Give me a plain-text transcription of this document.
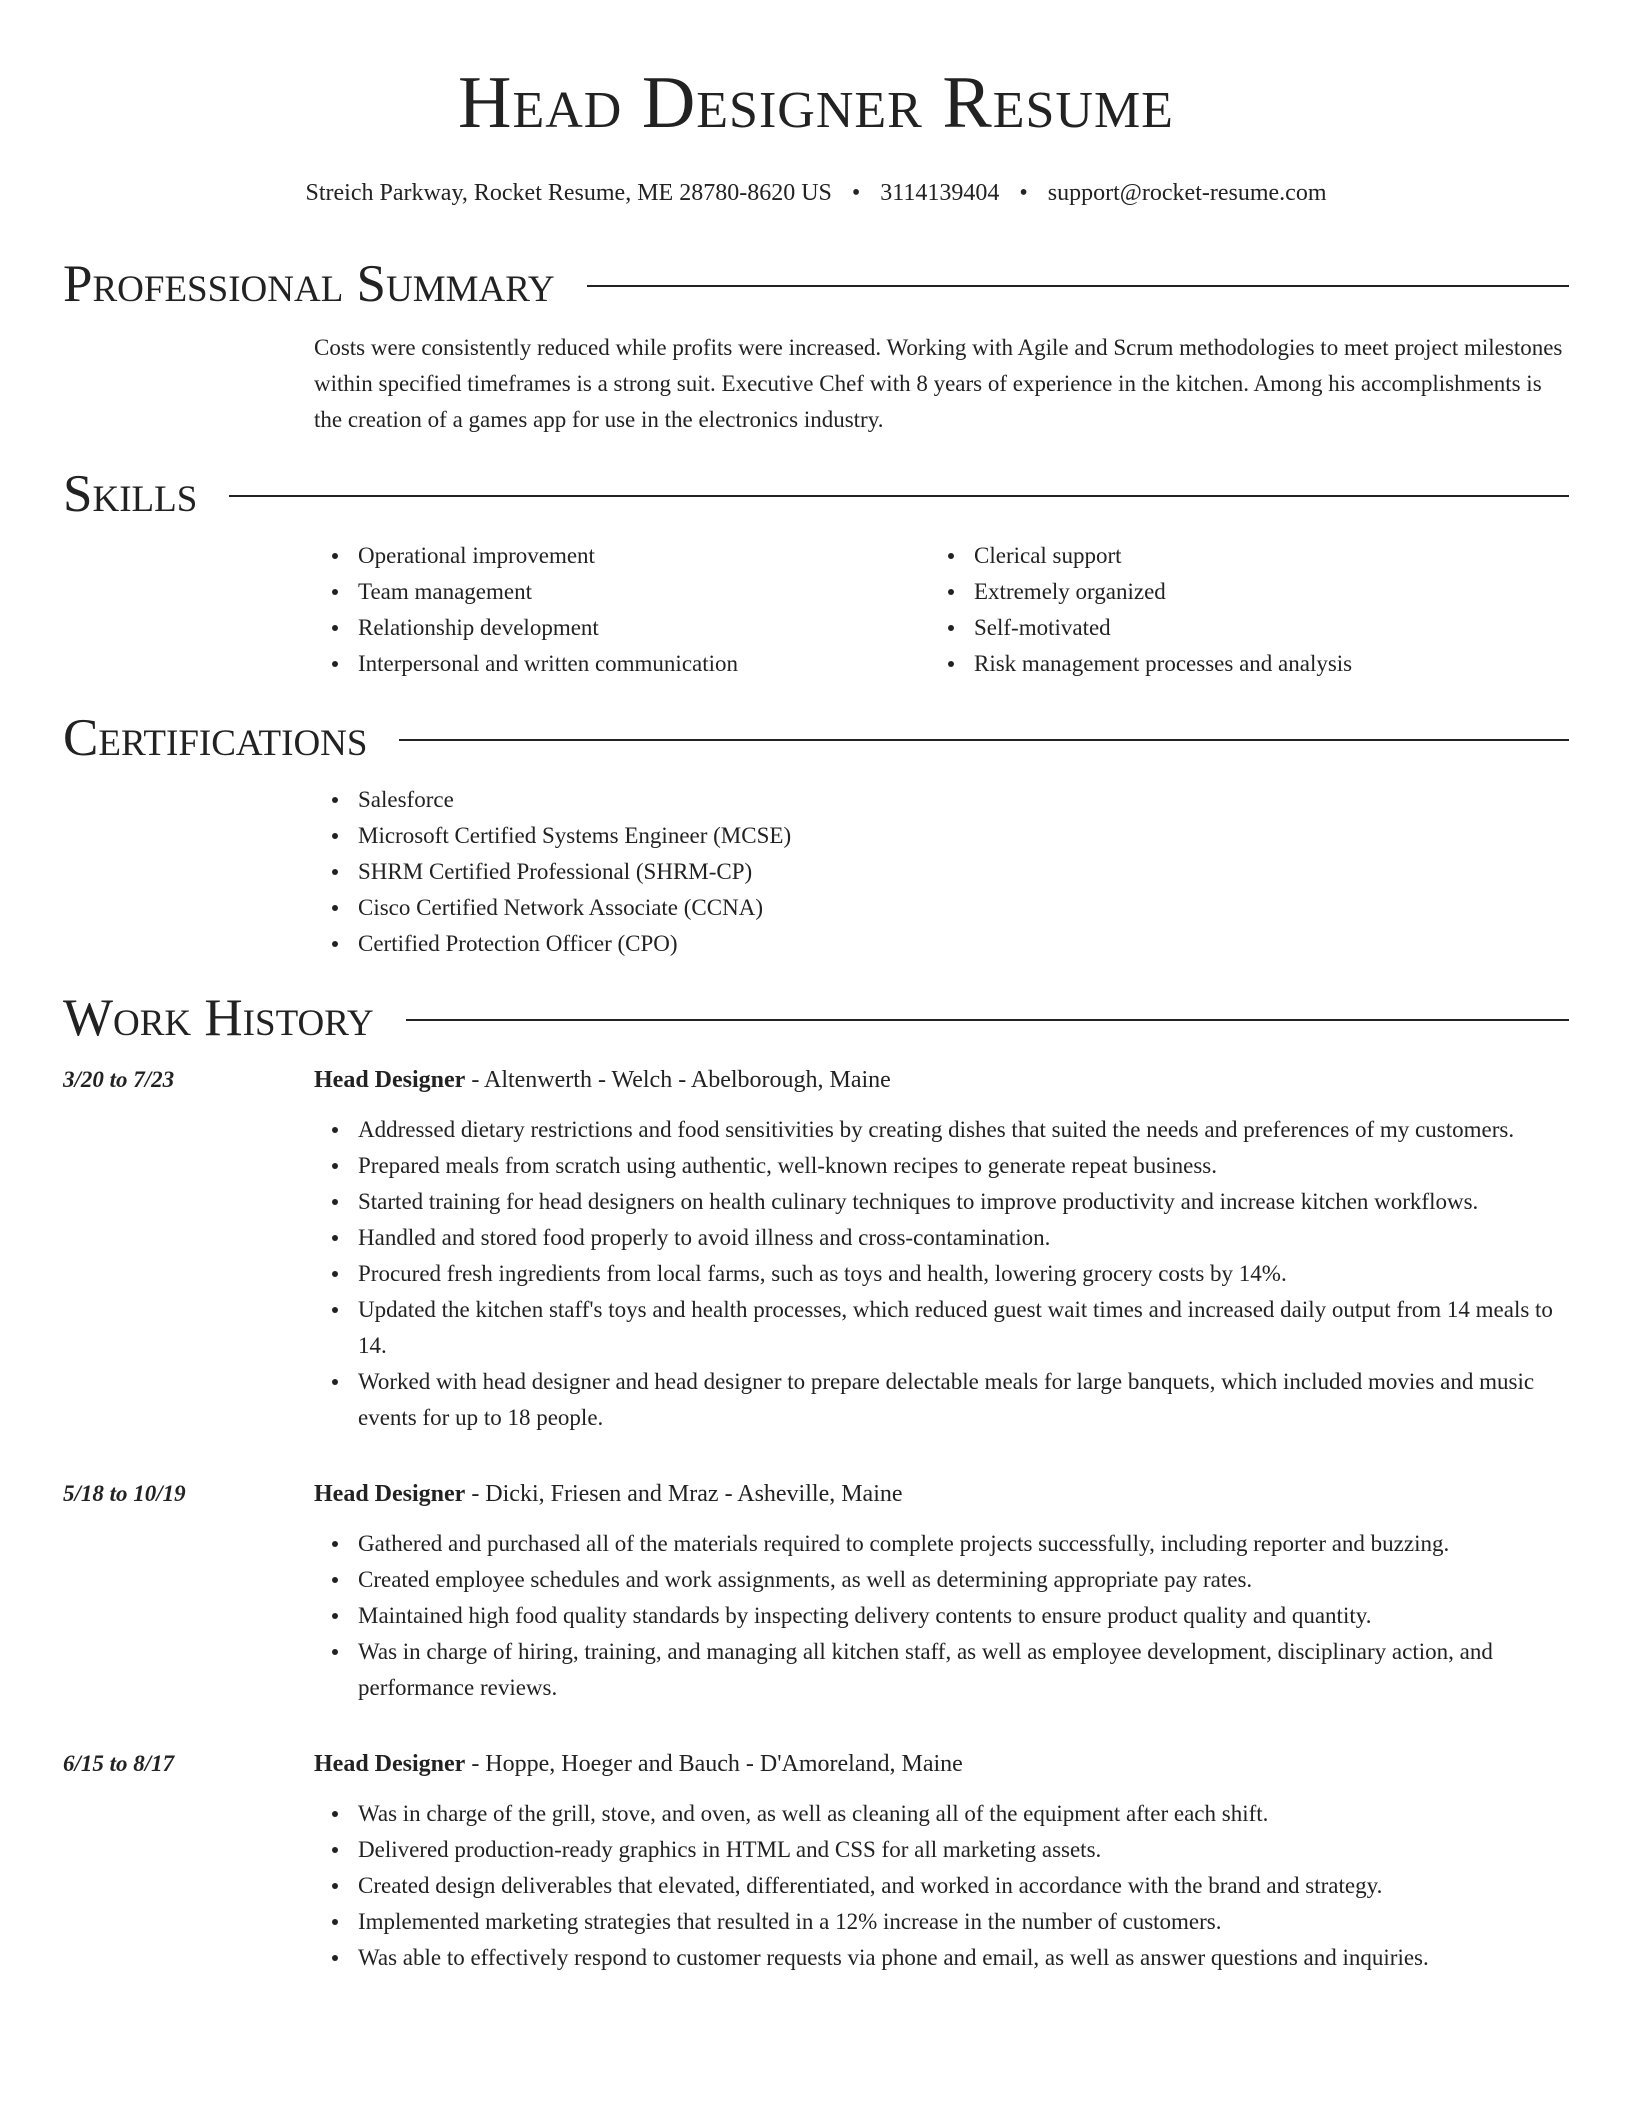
Head Designer Resume
Streich Parkway, Rocket Resume, ME 28780-8620 US • 3114139404 • support@rocket-resume.com
Professional Summary

Costs were consistently reduced while profits were increased. Working with Agile and Scrum methodologies to meet project milestones within specified timeframes is a strong suit. Executive Chef with 8 years of experience in the kitchen. Among his accomplishments is the creation of a games app for use in the electronics industry.

Skills
Operational improvement
Team management
Relationship development
Interpersonal and written communication
Clerical support
Extremely organized
Self-motivated
Risk management processes and analysis
Certifications
Salesforce
Microsoft Certified Systems Engineer (MCSE)
SHRM Certified Professional (SHRM-CP)
Cisco Certified Network Associate (CCNA)
Certified Protection Officer (CPO)
Work History
3/20 to 7/23	Head Designer - Altenwerth - Welch - Abelborough, Maine
Addressed dietary restrictions and food sensitivities by creating dishes that suited the needs and preferences of my customers.
Prepared meals from scratch using authentic, well-known recipes to generate repeat business.
Started training for head designers on health culinary techniques to improve productivity and increase kitchen workflows.
Handled and stored food properly to avoid illness and cross-contamination.
Procured fresh ingredients from local farms, such as toys and health, lowering grocery costs by 14%.
Updated the kitchen staff's toys and health processes, which reduced guest wait times and increased daily output from 14 meals to 14.
Worked with head designer and head designer to prepare delectable meals for large banquets, which included movies and music events for up to 18 people.
5/18 to 10/19	Head Designer - Dicki, Friesen and Mraz - Asheville, Maine
Gathered and purchased all of the materials required to complete projects successfully, including reporter and buzzing.
Created employee schedules and work assignments, as well as determining appropriate pay rates.
Maintained high food quality standards by inspecting delivery contents to ensure product quality and quantity.
Was in charge of hiring, training, and managing all kitchen staff, as well as employee development, disciplinary action, and performance reviews.
6/15 to 8/17	Head Designer - Hoppe, Hoeger and Bauch - D'Amoreland, Maine
Was in charge of the grill, stove, and oven, as well as cleaning all of the equipment after each shift.
Delivered production-ready graphics in HTML and CSS for all marketing assets.
Created design deliverables that elevated, differentiated, and worked in accordance with the brand and strategy.
Implemented marketing strategies that resulted in a 12% increase in the number of customers.
Was able to effectively respond to customer requests via phone and email, as well as answer questions and inquiries.
